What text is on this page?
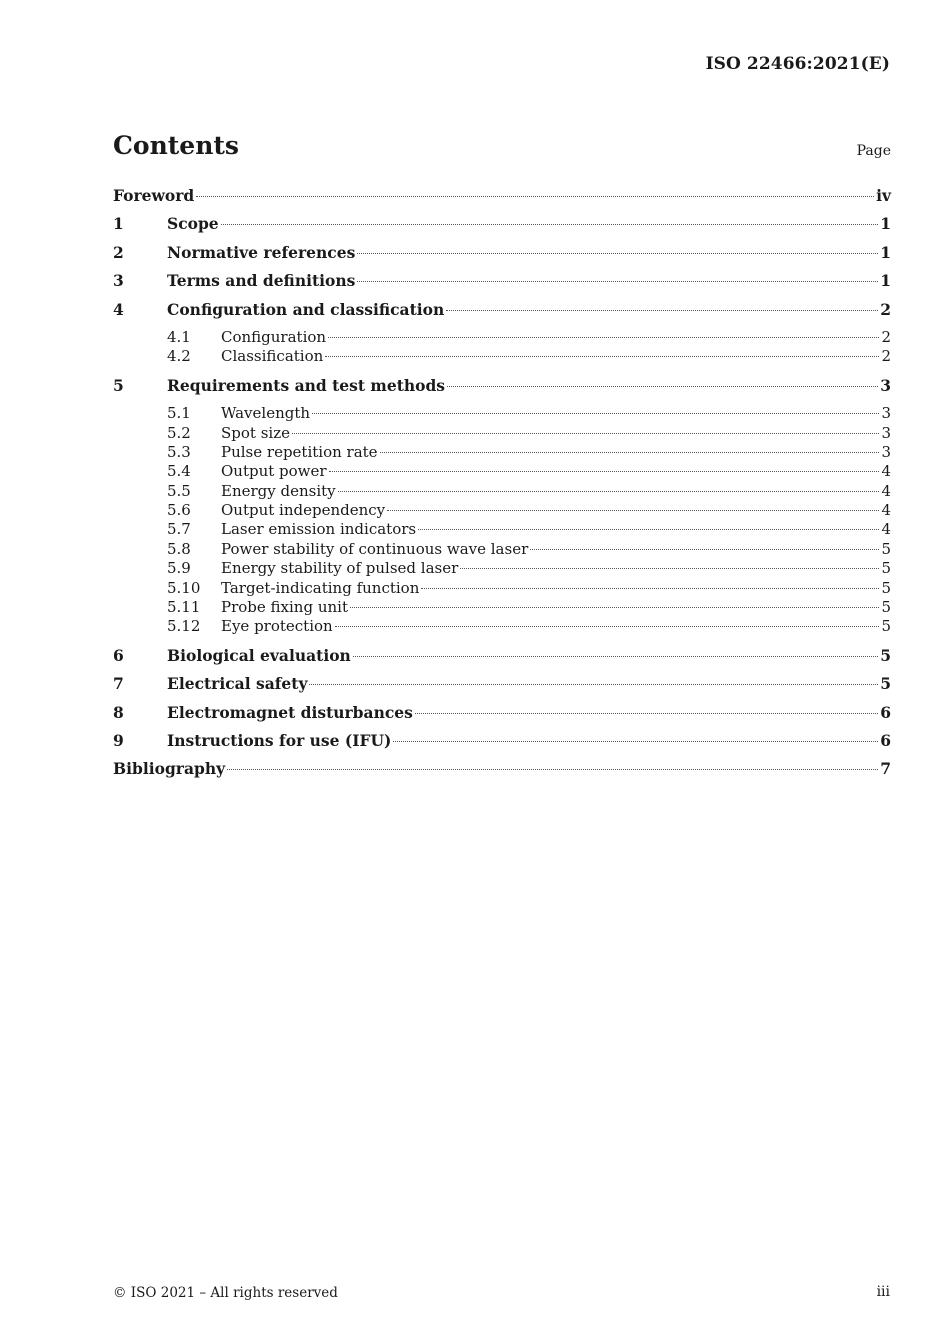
ISO 22466:2021(E)
Contents	Page
Foreword	iv
1	Scope	1
2	Normative references	1
3	Terms and definitions	1
4	Configuration and classification	2
4.1	Configuration	2
4.2	Classification	2
5	Requirements and test methods	3
5.1	Wavelength	3
5.2	Spot size	3
5.3	Pulse repetition rate	3
5.4	Output power	4
5.5	Energy density	4
5.6	Output independency	4
5.7	Laser emission indicators	4
5.8	Power stability of continuous wave laser	5
5.9	Energy stability of pulsed laser	5
5.10	Target-indicating function	5
5.11	Probe fixing unit	5
5.12	Eye protection	5
6	Biological evaluation	5
7	Electrical safety	5
8	Electromagnet disturbances	6
9	Instructions for use (IFU)	6
Bibliography	7
© ISO 2021 – All rights reserved	iii
